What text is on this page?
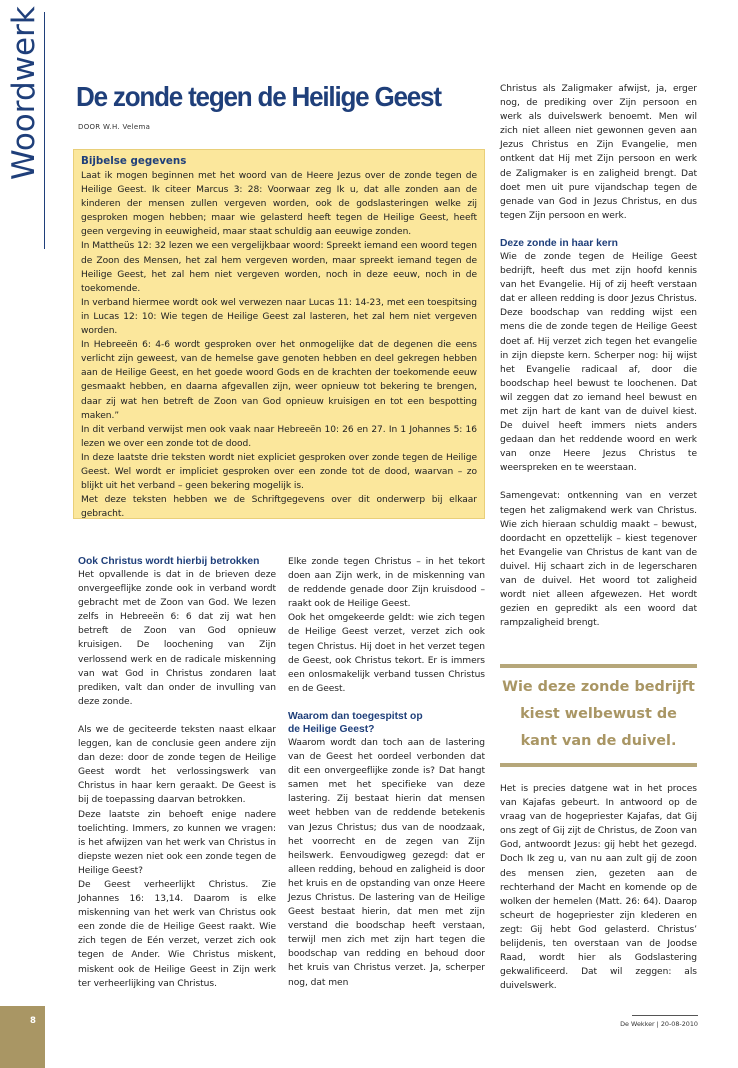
Woordwerk De zonde tegen de Heilige Geest
DOOR W.H. Velema
Bijbelse gegevens

Laat ik mogen beginnen met het woord van de Heere Jezus over de zonde tegen de Heilige Geest. Ik citeer Marcus 3: 28: Voorwaar zeg Ik u, dat alle zonden aan de kinderen der mensen zullen vergeven worden, ook de godslasteringen welke zij gesproken mogen hebben; maar wie gelasterd heeft tegen de Heilige Geest, heeft geen vergeving in eeuwigheid, maar staat schuldig aan eeuwige zonden.

In Mattheüs 12: 32 lezen we een vergelijkbaar woord: Spreekt iemand een woord tegen de Zoon des Mensen, het zal hem vergeven worden, maar spreekt iemand tegen de Heilige Geest, het zal hem niet vergeven worden, noch in deze eeuw, noch in de toekomende.

In verband hiermee wordt ook wel verwezen naar Lucas 11: 14-23, met een toespitsing in Lucas 12: 10: Wie tegen de Heilige Geest zal lasteren, het zal hem niet vergeven worden.

In Hebreeën 6: 4-6 wordt gesproken over het onmogelijke dat de degenen die eens verlicht zijn geweest, van de hemelse gave genoten hebben en deel gekregen hebben aan de Heilige Geest, en het goede woord Gods en de krachten der toekomende eeuw gesmaakt hebben, en daarna afgevallen zijn, weer opnieuw tot bekering te brengen, daar zij wat hen betreft de Zoon van God opnieuw kruisigen en tot een bespotting maken.”

In dit verband verwijst men ook vaak naar Hebreeën 10: 26 en 27. In 1 Johannes 5: 16 lezen we over een zonde tot de dood.

In deze laatste drie teksten wordt niet expliciet gesproken over zonde tegen de Heilige Geest. Wel wordt er impliciet gesproken over een zonde tot de dood, waarvan – zo blijkt uit het verband – geen bekering mogelijk is.

Met deze teksten hebben we de Schriftgegevens over dit onderwerp bij elkaar gebracht.

Ook Christus wordt hierbij betrokken

Het opvallende is dat in de brieven deze onvergeeflijke zonde ook in verband wordt gebracht met de Zoon van God. We lezen zelfs in Hebreeën 6: 6 dat zij wat hen betreft de Zoon van God opnieuw kruisigen. De loochening van Zijn verlossend werk en de radicale miskenning van wat God in Christus zondaren laat prediken, valt dan onder de invulling van deze zonde.

Als we de geciteerde teksten naast elkaar leggen, kan de conclusie geen andere zijn dan deze: door de zonde tegen de Heilige Geest wordt het verlossingswerk van Christus in haar kern geraakt. De Geest is bij de toepassing daarvan betrokken.

Deze laatste zin behoeft enige nadere toelichting. Immers, zo kunnen we vragen: is het afwijzen van het werk van Christus in diepste wezen niet ook een zonde tegen de Heilige Geest?

De Geest verheerlijkt Christus. Zie Johannes 16: 13,14. Daarom is elke miskenning van het werk van Christus ook een zonde die de Heilige Geest raakt. Wie zich tegen de Eén verzet, verzet zich ook tegen de Ander. Wie Christus miskent, miskent ook de Heilige Geest in Zijn werk ter verheerlijking van Christus.

Elke zonde tegen Christus – in het tekort doen aan Zijn werk, in de miskenning van de reddende genade door Zijn kruisdood – raakt ook de Heilige Geest.

Ook het omgekeerde geldt: wie zich tegen de Heilige Geest verzet, verzet zich ook tegen Christus. Hij doet in het verzet tegen de Geest, ook Christus tekort. Er is immers een onlosmakelijk verband tussen Christus en de Geest.

Waarom dan toegespitst op
de Heilige Geest?

Waarom wordt dan toch aan de lastering van de Geest het oordeel verbonden dat dit een onvergeeflijke zonde is? Dat hangt samen met het specifieke van deze lastering. Zij bestaat hierin dat mensen weet hebben van de reddende betekenis van Jezus Christus; dus van de noodzaak, het voorrecht en de zegen van Zijn heilswerk. Eenvoudigweg gezegd: dat er alleen redding, behoud en zaligheid is door het kruis en de opstanding van onze Heere Jezus Christus. De lastering van de Heilige Geest bestaat hierin, dat men met zijn verstand die boodschap heeft verstaan, terwijl men zich met zijn hart tegen die boodschap van redding en behoud door het kruis van Christus verzet. Ja, scherper nog, dat men

Christus als Zaligmaker afwijst, ja, erger nog, de prediking over Zijn persoon en werk als duivelswerk benoemt. Men wil zich niet alleen niet gewonnen geven aan Jezus Christus en Zijn Evangelie, men ontkent dat Hij met Zijn persoon en werk de Zaligmaker is en zaligheid brengt. Dat doet men uit pure vijandschap tegen de genade van God in Jezus Christus, en dus tegen Zijn persoon en werk.

Deze zonde in haar kern

Wie de zonde tegen de Heilige Geest bedrijft, heeft dus met zijn hoofd kennis van het Evangelie. Hij of zij heeft verstaan dat er alleen redding is door Jezus Christus. Deze boodschap van redding wijst een mens die de zonde tegen de Heilige Geest doet af. Hij verzet zich tegen het evangelie in zijn diepste kern. Scherper nog: hij wijst het Evangelie radicaal af, door die boodschap heel bewust te loochenen. Dat wil zeggen dat zo iemand heel bewust en met zijn hart de kant van de duivel kiest. De duivel heeft immers niets anders gedaan dan het reddende woord en werk van onze Heere Jezus Christus te weerspreken en te weerstaan.

Samengevat: ontkenning van en verzet tegen het zaligmakend werk van Christus. Wie zich hieraan schuldig maakt – bewust, doordacht en opzettelijk – kiest tegenover het Evangelie van Christus de kant van de duivel. Hij schaart zich in de legerscharen van de duivel. Het woord tot zaligheid wordt niet alleen afgewezen. Het wordt gezien en gepredikt als een woord dat rampzaligheid brengt.

Wie deze zonde bedrijft kiest welbewust de kant van de duivel.

Het is precies datgene wat in het proces van Kajafas gebeurt. In antwoord op de vraag van de hogepriester Kajafas, dat Gij ons zegt of Gij zijt de Christus, de Zoon van God, antwoordt Jezus: gij hebt het gezegd. Doch Ik zeg u, van nu aan zult gij de zoon des mensen zien, gezeten aan de rechterhand der Macht en komende op de wolken der hemelen (Matt. 26: 64). Daarop scheurt de hogepriester zijn klederen en zegt: Gij hebt God gelasterd. Christus’ belijdenis, ten overstaan van de Joodse Raad, wordt hier als Godslastering gekwalificeerd. Dat wil zeggen: als duivelswerk.

8	De Wekker | 20-08-2010
